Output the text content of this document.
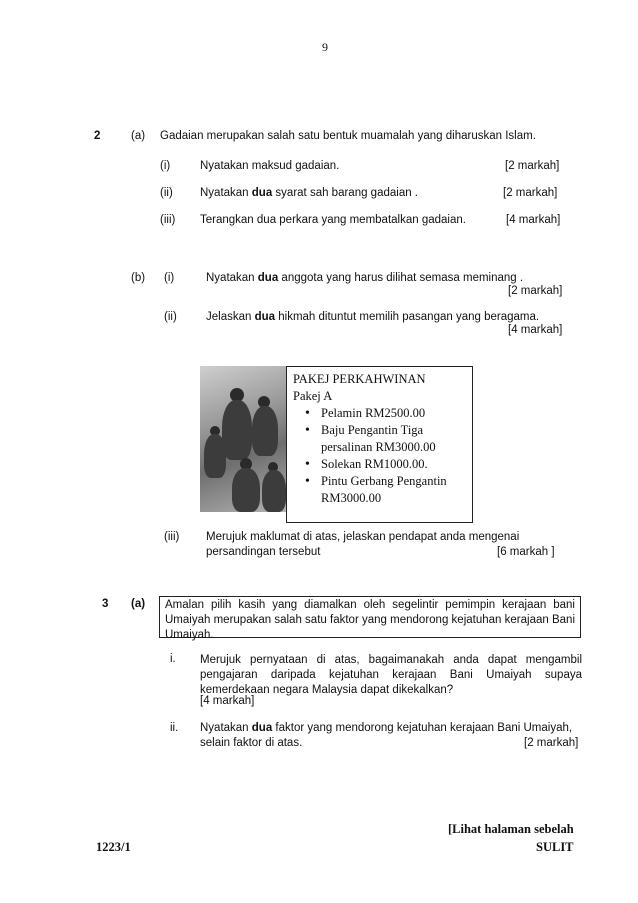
9
2	(a) Gadaian merupakan salah satu bentuk muamalah yang diharuskan Islam.
(i)	Nyatakan maksud gadaian.	[2 markah]
(ii) Nyatakan dua syarat sah barang gadaian .	[2 markah]
(iii) Terangkan dua perkara yang membatalkan gadaian.	[4 markah]
(b) (i)	Nyatakan dua anggota yang harus dilihat semasa meminang .
[2 markah]
(ii)	Jelaskan dua hikmah dituntut memilih pasangan yang beragama.
[4 markah]
PAKEJ PERKAHWINAN
Pakej A
• Pelamin RM2500.00
• Baju Pengantin Tiga persalinan RM3000.00
• Solekan RM1000.00.
• Pintu Gerbang Pengantin RM3000.00
(iii) Merujuk maklumat di atas, jelaskan pendapat anda mengenai
persandingan tersebut	[6 markah ]
3 (a)	Amalan pilih kasih yang diamalkan oleh segelintir pemimpin kerajaan bani Umaiyah merupakan salah satu faktor yang mendorong kejatuhan kerajaan Bani Umaiyah.
i. Merujuk pernyataan di atas, bagaimanakah anda dapat mengambil pengajaran daripada kejatuhan kerajaan Bani Umaiyah supaya kemerdekaan negara Malaysia dapat dikekalkan?
[4 markah]
ii. Nyatakan dua faktor yang mendorong kejatuhan kerajaan Bani Umaiyah,
selain faktor di atas.	[2 markah]
[Lihat halaman sebelah
1223/1	SULIT
